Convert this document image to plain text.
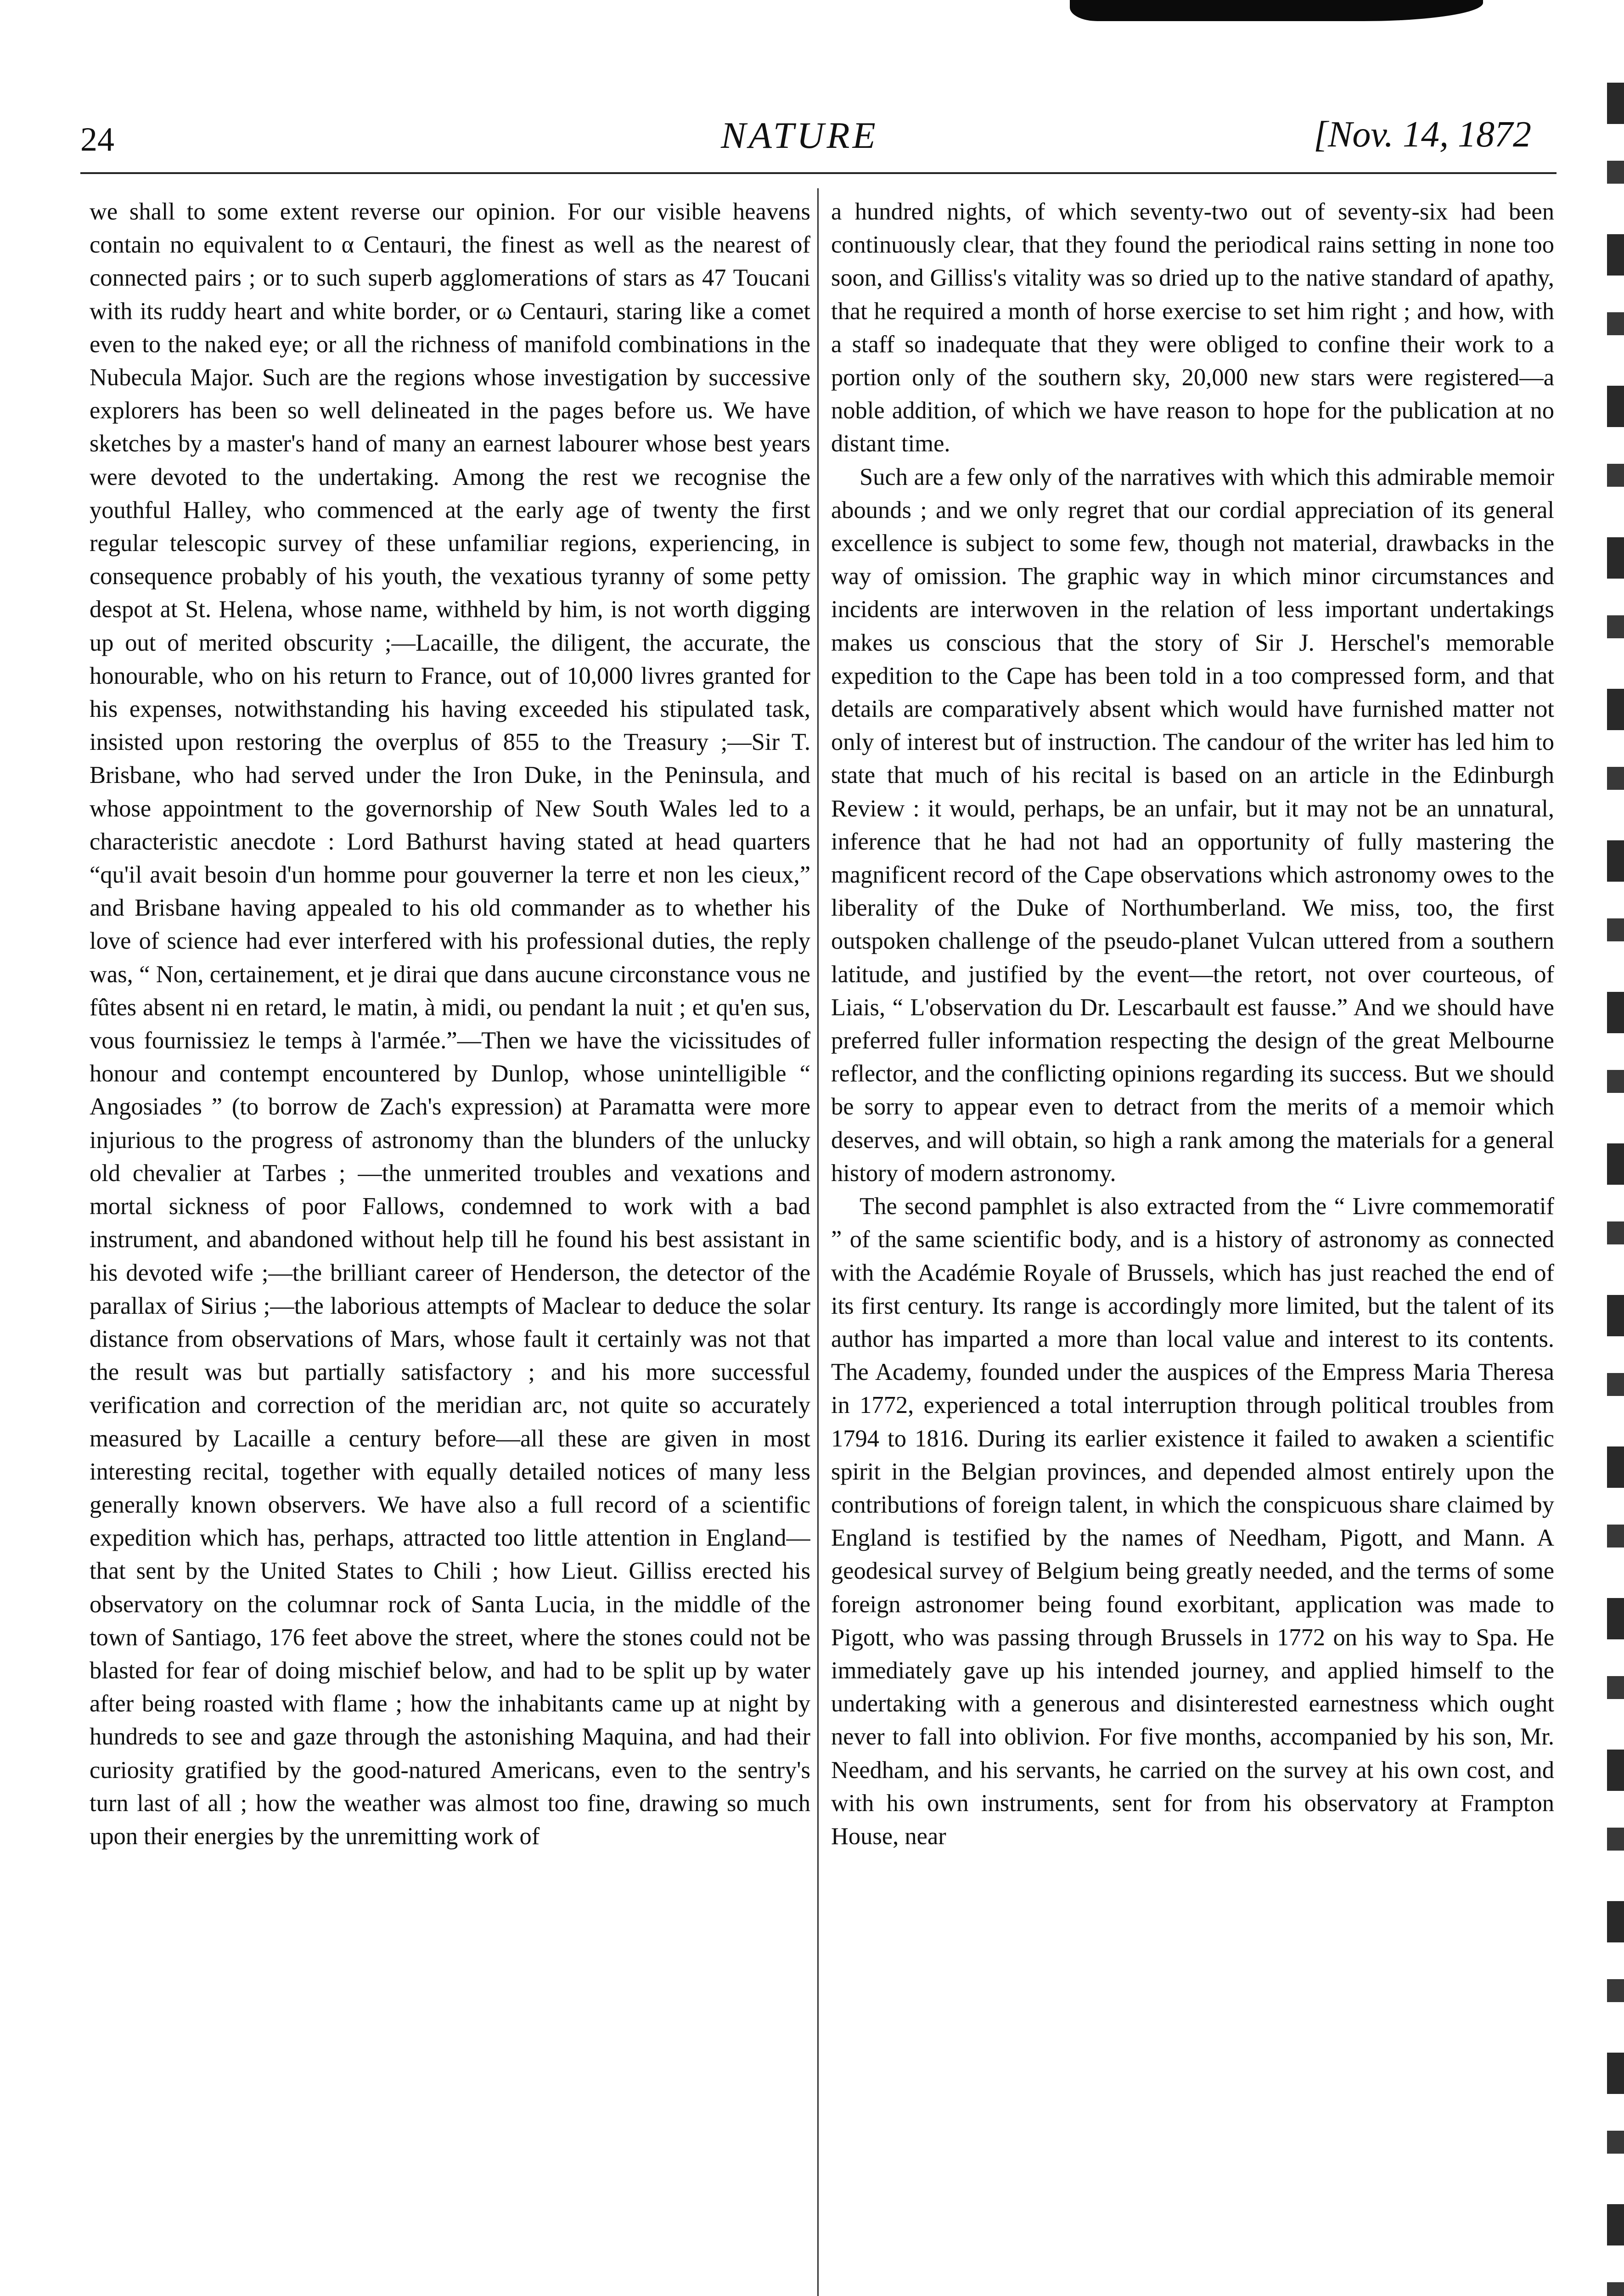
24	NATURE	[Nov. 14, 1872

we shall to some extent reverse our opinion. For our visible heavens contain no equivalent to α Centauri, the finest as well as the nearest of connected pairs ; or to such superb agglomerations of stars as 47 Toucani with its ruddy heart and white border, or ω Centauri, staring like a comet even to the naked eye; or all the richness of manifold combinations in the Nubecula Major. Such are the regions whose investigation by successive explorers has been so well delineated in the pages before us. We have sketches by a master's hand of many an earnest labourer whose best years were devoted to the undertaking. Among the rest we recognise the youthful Halley, who commenced at the early age of twenty the first regular telescopic survey of these unfamiliar regions, experiencing, in consequence probably of his youth, the vexatious tyranny of some petty despot at St. Helena, whose name, withheld by him, is not worth digging up out of merited obscurity ;—Lacaille, the diligent, the accurate, the honourable, who on his return to France, out of 10,000 livres granted for his expenses, notwithstanding his having exceeded his stipulated task, insisted upon restoring the overplus of 855 to the Treasury ;—Sir T. Brisbane, who had served under the Iron Duke, in the Peninsula, and whose appointment to the governorship of New South Wales led to a characteristic anecdote : Lord Bathurst having stated at head quarters “qu'il avait besoin d'un homme pour gouverner la terre et non les cieux,” and Brisbane having appealed to his old commander as to whether his love of science had ever interfered with his professional duties, the reply was, “ Non, certainement, et je dirai que dans aucune circonstance vous ne fûtes absent ni en retard, le matin, à midi, ou pendant la nuit ; et qu'en sus, vous fournissiez le temps à l'armée.”—Then we have the vicissitudes of honour and contempt encountered by Dunlop, whose unintelligible “ Angosiades ” (to borrow de Zach's expression) at Paramatta were more injurious to the progress of astronomy than the blunders of the unlucky old chevalier at Tarbes ; —the unmerited troubles and vexations and mortal sickness of poor Fallows, condemned to work with a bad instrument, and abandoned without help till he found his best assistant in his devoted wife ;—the brilliant career of Henderson, the detector of the parallax of Sirius ;—the laborious attempts of Maclear to deduce the solar distance from observations of Mars, whose fault it certainly was not that the result was but partially satisfactory ; and his more successful verification and correction of the meridian arc, not quite so accurately measured by Lacaille a century before—all these are given in most interesting recital, together with equally detailed notices of many less generally known observers. We have also a full record of a scientific expedition which has, perhaps, attracted too little attention in England—that sent by the United States to Chili ; how Lieut. Gilliss erected his observatory on the columnar rock of Santa Lucia, in the middle of the town of Santiago, 176 feet above the street, where the stones could not be blasted for fear of doing mischief below, and had to be split up by water after being roasted with flame ; how the inhabitants came up at night by hundreds to see and gaze through the astonishing Maquina, and had their curiosity gratified by the good-natured Americans, even to the sentry's turn last of all ; how the weather was almost too fine, drawing so much upon their energies by the unremitting work of

a hundred nights, of which seventy-two out of seventy-six had been continuously clear, that they found the periodical rains setting in none too soon, and Gilliss's vitality was so dried up to the native standard of apathy, that he required a month of horse exercise to set him right ; and how, with a staff so inadequate that they were obliged to confine their work to a portion only of the southern sky, 20,000 new stars were registered—a noble addition, of which we have reason to hope for the publication at no distant time.

Such are a few only of the narratives with which this admirable memoir abounds ; and we only regret that our cordial appreciation of its general excellence is subject to some few, though not material, drawbacks in the way of omission. The graphic way in which minor circumstances and incidents are interwoven in the relation of less important undertakings makes us conscious that the story of Sir J. Herschel's memorable expedition to the Cape has been told in a too compressed form, and that details are comparatively absent which would have furnished matter not only of interest but of instruction. The candour of the writer has led him to state that much of his recital is based on an article in the Edinburgh Review : it would, perhaps, be an unfair, but it may not be an unnatural, inference that he had not had an opportunity of fully mastering the magnificent record of the Cape observations which astronomy owes to the liberality of the Duke of Northumberland. We miss, too, the first outspoken challenge of the pseudo-planet Vulcan uttered from a southern latitude, and justified by the event—the retort, not over courteous, of Liais, “ L'observation du Dr. Lescarbault est fausse.” And we should have preferred fuller information respecting the design of the great Melbourne reflector, and the conflicting opinions regarding its success. But we should be sorry to appear even to detract from the merits of a memoir which deserves, and will obtain, so high a rank among the materials for a general history of modern astronomy.

The second pamphlet is also extracted from the “ Livre commemoratif ” of the same scientific body, and is a history of astronomy as connected with the Académie Royale of Brussels, which has just reached the end of its first century. Its range is accordingly more limited, but the talent of its author has imparted a more than local value and interest to its contents. The Academy, founded under the auspices of the Empress Maria Theresa in 1772, experienced a total interruption through political troubles from 1794 to 1816. During its earlier existence it failed to awaken a scientific spirit in the Belgian provinces, and depended almost entirely upon the contributions of foreign talent, in which the conspicuous share claimed by England is testified by the names of Needham, Pigott, and Mann. A geodesical survey of Belgium being greatly needed, and the terms of some foreign astronomer being found exorbitant, application was made to Pigott, who was passing through Brussels in 1772 on his way to Spa. He immediately gave up his intended journey, and applied himself to the undertaking with a generous and disinterested earnestness which ought never to fall into oblivion. For five months, accompanied by his son, Mr. Needham, and his servants, he carried on the survey at his own cost, and with his own instruments, sent for from his observatory at Frampton House, near
